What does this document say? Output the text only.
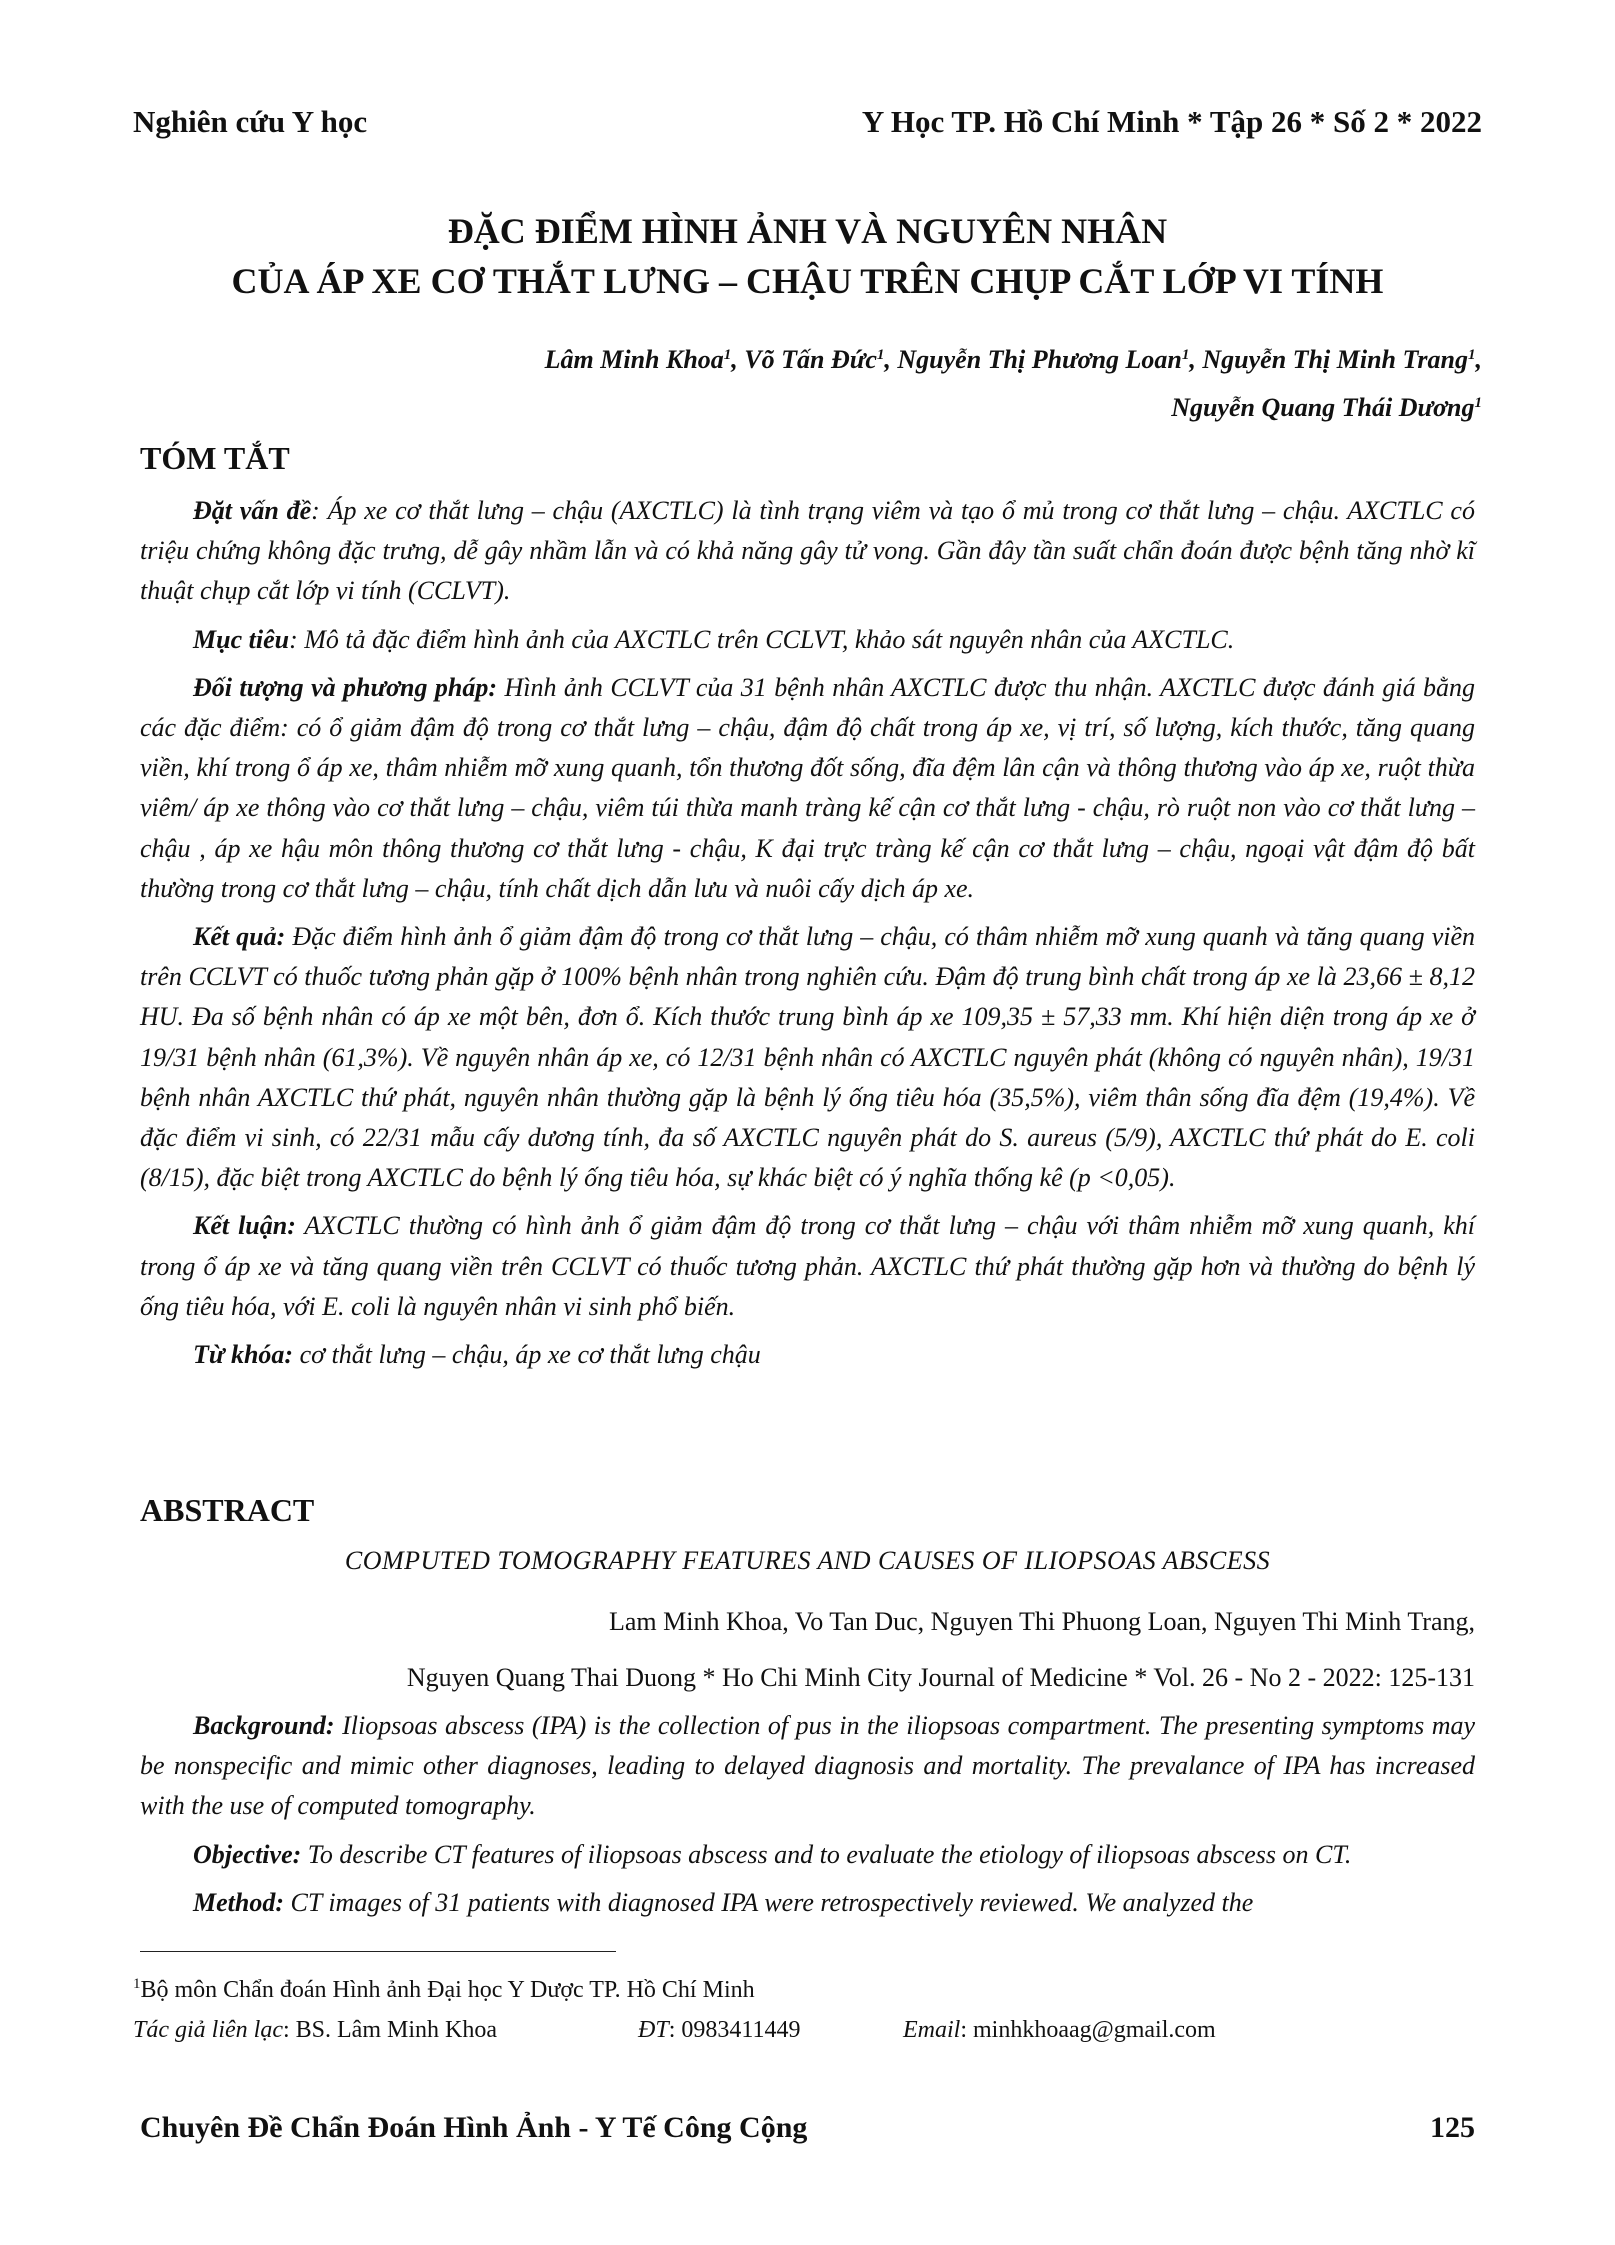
Nghiên cứu Y học	Y Học TP. Hồ Chí Minh * Tập 26 * Số 2 * 2022
ĐẶC ĐIỂM HÌNH ẢNH VÀ NGUYÊN NHÂN
CỦA ÁP XE CƠ THẮT LƯNG – CHẬU TRÊN CHỤP CẮT LỚP VI TÍNH
Lâm Minh Khoa$^1$, Võ Tấn Đức$^1$, Nguyễn Thị Phương Loan$^1$, Nguyễn Thị Minh Trang$^1$,
Nguyễn Quang Thái Dương$^1$
TÓM TẮT

Đặt vấn đề: Áp xe cơ thắt lưng – chậu (AXCTLC) là tình trạng viêm và tạo ổ mủ trong cơ thắt lưng – chậu. AXCTLC có triệu chứng không đặc trưng, dễ gây nhầm lẫn và có khả năng gây tử vong. Gần đây tần suất chẩn đoán được bệnh tăng nhờ kĩ thuật chụp cắt lớp vi tính (CCLVT).

Mục tiêu: Mô tả đặc điểm hình ảnh của AXCTLC trên CCLVT, khảo sát nguyên nhân của AXCTLC.

Đối tượng và phương pháp: Hình ảnh CCLVT của 31 bệnh nhân AXCTLC được thu nhận. AXCTLC được đánh giá bằng các đặc điểm: có ổ giảm đậm độ trong cơ thắt lưng – chậu, đậm độ chất trong áp xe, vị trí, số lượng, kích thước, tăng quang viền, khí trong ổ áp xe, thâm nhiễm mỡ xung quanh, tổn thương đốt sống, đĩa đệm lân cận và thông thương vào áp xe, ruột thừa viêm/ áp xe thông vào cơ thắt lưng – chậu, viêm túi thừa manh tràng kế cận cơ thắt lưng - chậu, rò ruột non vào cơ thắt lưng – chậu , áp xe hậu môn thông thương cơ thắt lưng - chậu, K đại trực tràng kế cận cơ thắt lưng – chậu, ngoại vật đậm độ bất thường trong cơ thắt lưng – chậu, tính chất dịch dẫn lưu và nuôi cấy dịch áp xe.

Kết quả: Đặc điểm hình ảnh ổ giảm đậm độ trong cơ thắt lưng – chậu, có thâm nhiễm mỡ xung quanh và tăng quang viền trên CCLVT có thuốc tương phản gặp ở 100% bệnh nhân trong nghiên cứu. Đậm độ trung bình chất trong áp xe là 23,66 ± 8,12 HU. Đa số bệnh nhân có áp xe một bên, đơn ổ. Kích thước trung bình áp xe 109,35 ± 57,33 mm. Khí hiện diện trong áp xe ở 19/31 bệnh nhân (61,3%). Về nguyên nhân áp xe, có 12/31 bệnh nhân có AXCTLC nguyên phát (không có nguyên nhân), 19/31 bệnh nhân AXCTLC thứ phát, nguyên nhân thường gặp là bệnh lý ống tiêu hóa (35,5%), viêm thân sống đĩa đệm (19,4%). Về đặc điểm vi sinh, có 22/31 mẫu cấy dương tính, đa số AXCTLC nguyên phát do S. aureus (5/9), AXCTLC thứ phát do E. coli (8/15), đặc biệt trong AXCTLC do bệnh lý ống tiêu hóa, sự khác biệt có ý nghĩa thống kê (p <0,05).

Kết luận: AXCTLC thường có hình ảnh ổ giảm đậm độ trong cơ thắt lưng – chậu với thâm nhiễm mỡ xung quanh, khí trong ổ áp xe và tăng quang viền trên CCLVT có thuốc tương phản. AXCTLC thứ phát thường gặp hơn và thường do bệnh lý ống tiêu hóa, với E. coli là nguyên nhân vi sinh phổ biến.

Từ khóa: cơ thắt lưng – chậu, áp xe cơ thắt lưng chậu

ABSTRACT
COMPUTED TOMOGRAPHY FEATURES AND CAUSES OF ILIOPSOAS ABSCESS
Lam Minh Khoa, Vo Tan Duc, Nguyen Thi Phuong Loan, Nguyen Thi Minh Trang,
Nguyen Quang Thai Duong * Ho Chi Minh City Journal of Medicine * Vol. 26 - No 2 - 2022: 125-131

Background: Iliopsoas abscess (IPA) is the collection of pus in the iliopsoas compartment. The presenting symptoms may be nonspecific and mimic other diagnoses, leading to delayed diagnosis and mortality. The prevalance of IPA has increased with the use of computed tomography.

Objective: To describe CT features of iliopsoas abscess and to evaluate the etiology of iliopsoas abscess on CT.

Method: CT images of 31 patients with diagnosed IPA were retrospectively reviewed. We analyzed the

$^1$Bộ môn Chẩn đoán Hình ảnh Đại học Y Dược TP. Hồ Chí Minh
Tác giả liên lạc: BS. Lâm Minh Khoa	ĐT: 0983411449	Email: minhkhoaag@gmail.com
Chuyên Đề Chẩn Đoán Hình Ảnh - Y Tế Công Cộng	125
